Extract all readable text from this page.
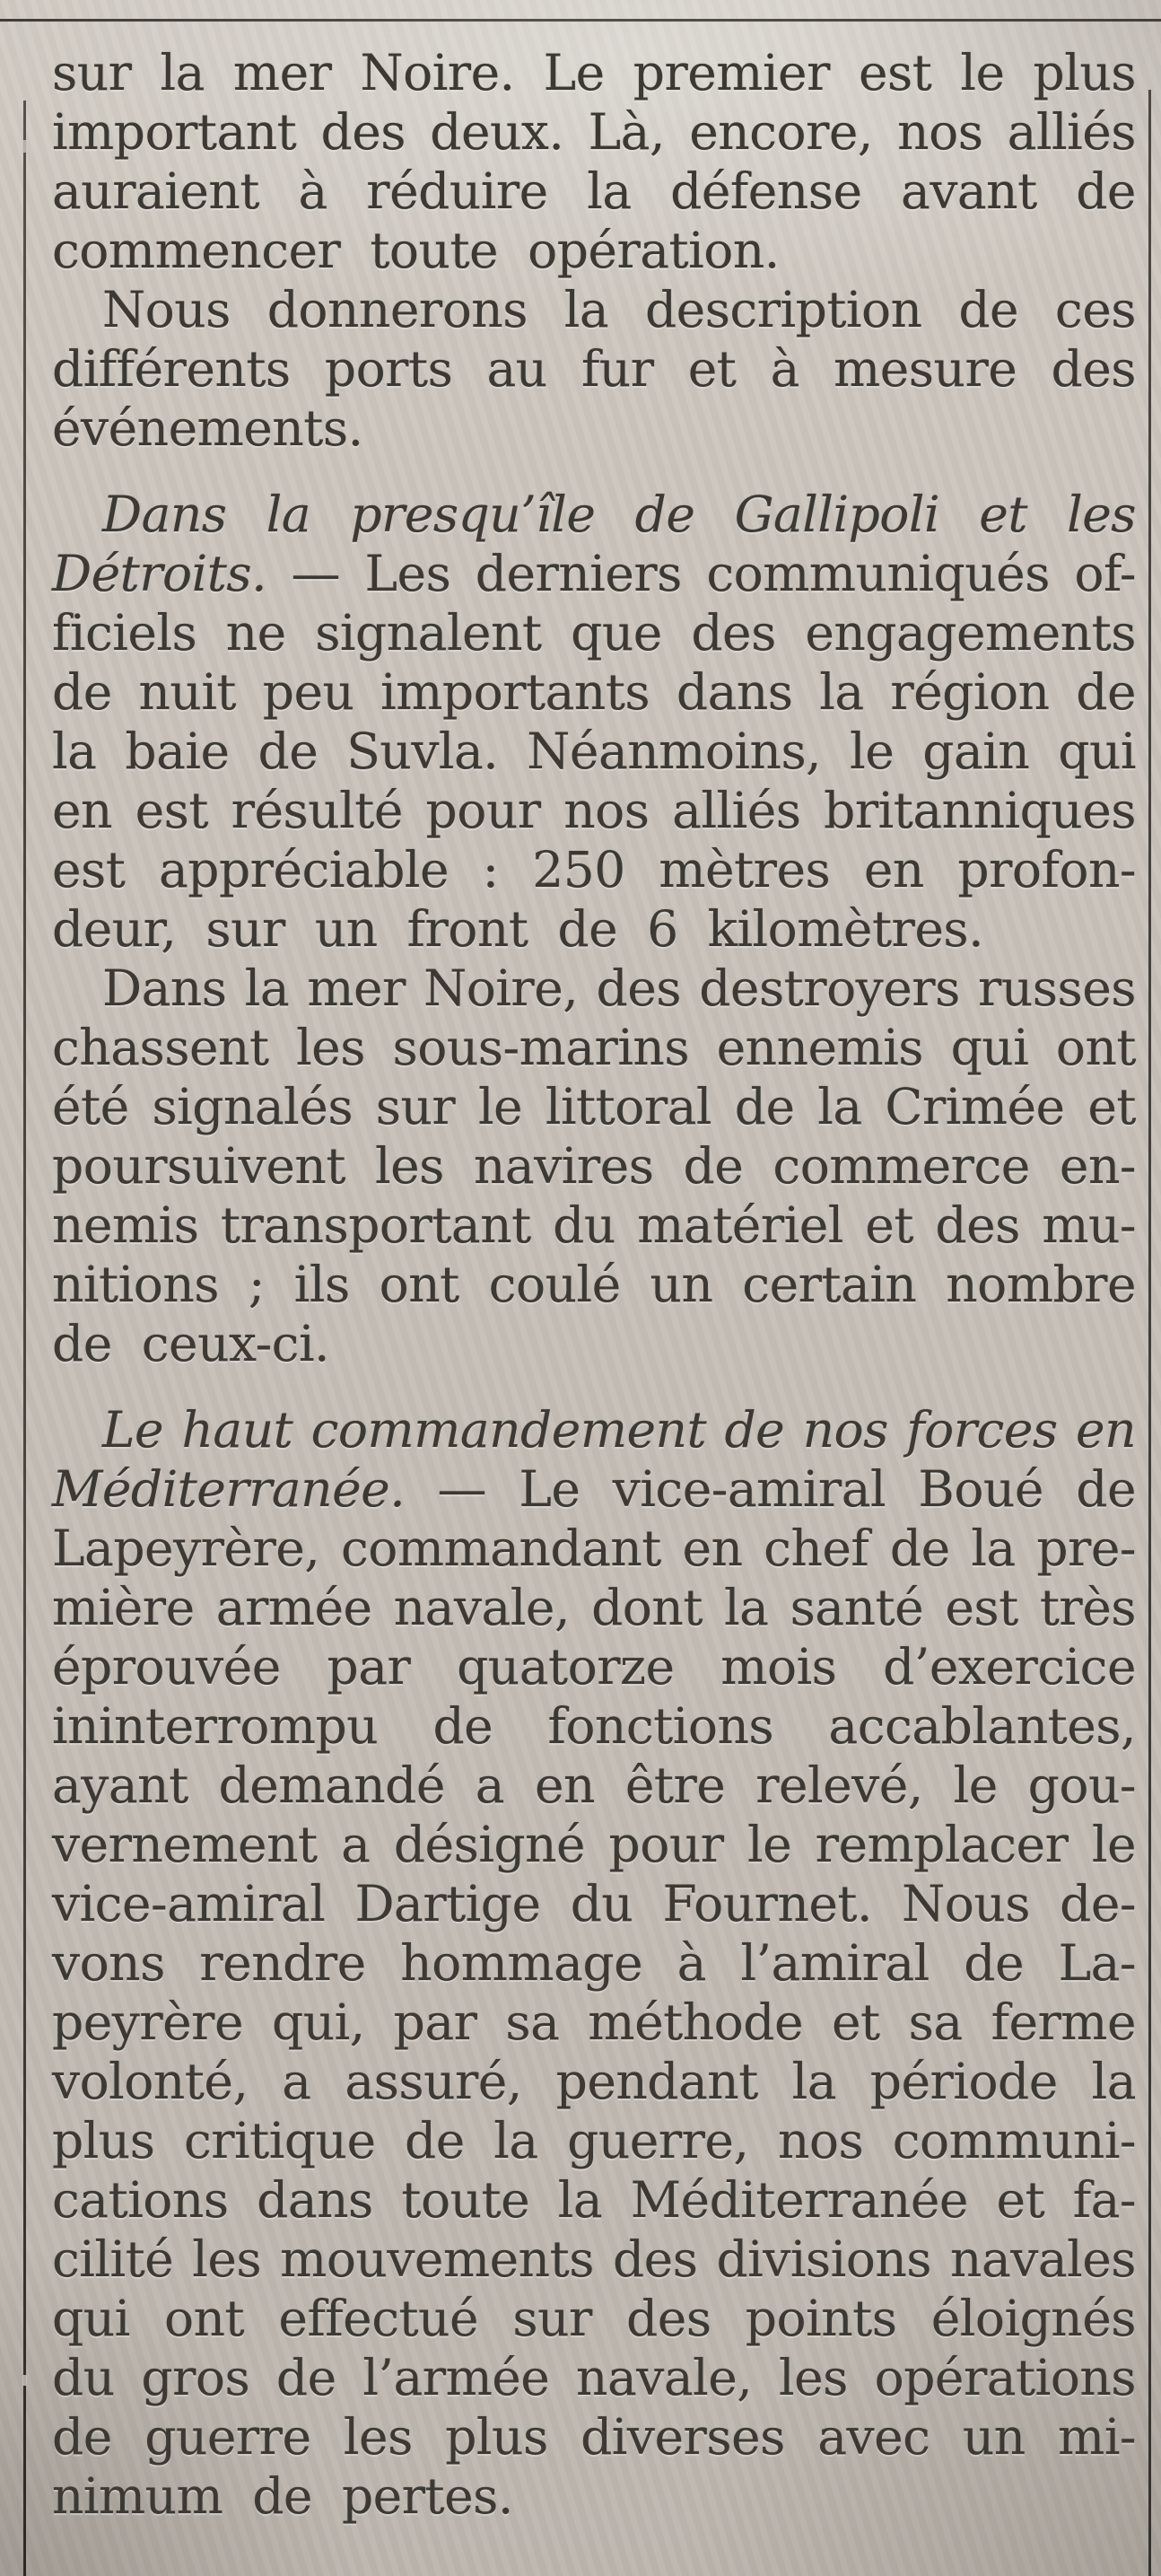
sur la mer Noire. Le premier est le plus
important des deux. Là, encore, nos alliés
auraient à réduire la défense avant de
commencer toute opération.
Nous donnerons la description de ces
différents ports au fur et à mesure des
événements.
Dans la presqu’île de Gallipoli et les
Détroits. — Les derniers communiqués of-
ficiels ne signalent que des engagements
de nuit peu importants dans la région de
la baie de Suvla. Néanmoins, le gain qui
en est résulté pour nos alliés britanniques
est appréciable : 250 mètres en profon-
deur, sur un front de 6 kilomètres.
Dans la mer Noire, des destroyers russes
chassent les sous-marins ennemis qui ont
été signalés sur le littoral de la Crimée et
poursuivent les navires de commerce en-
nemis transportant du matériel et des mu-
nitions ; ils ont coulé un certain nombre
de ceux-ci.
Le haut commandement de nos forces en
Méditerranée. — Le vice-amiral Boué de
Lapeyrère, commandant en chef de la pre-
mière armée navale, dont la santé est très
éprouvée par quatorze mois d’exercice
ininterrompu de fonctions accablantes,
ayant demandé a en être relevé, le gou-
vernement a désigné pour le remplacer le
vice-amiral Dartige du Fournet. Nous de-
vons rendre hommage à l’amiral de La-
peyrère qui, par sa méthode et sa ferme
volonté, a assuré, pendant la période la
plus critique de la guerre, nos communi-
cations dans toute la Méditerranée et fa-
cilité les mouvements des divisions navales
qui ont effectué sur des points éloignés
du gros de l’armée navale, les opérations
de guerre les plus diverses avec un mi-
nimum de pertes.
